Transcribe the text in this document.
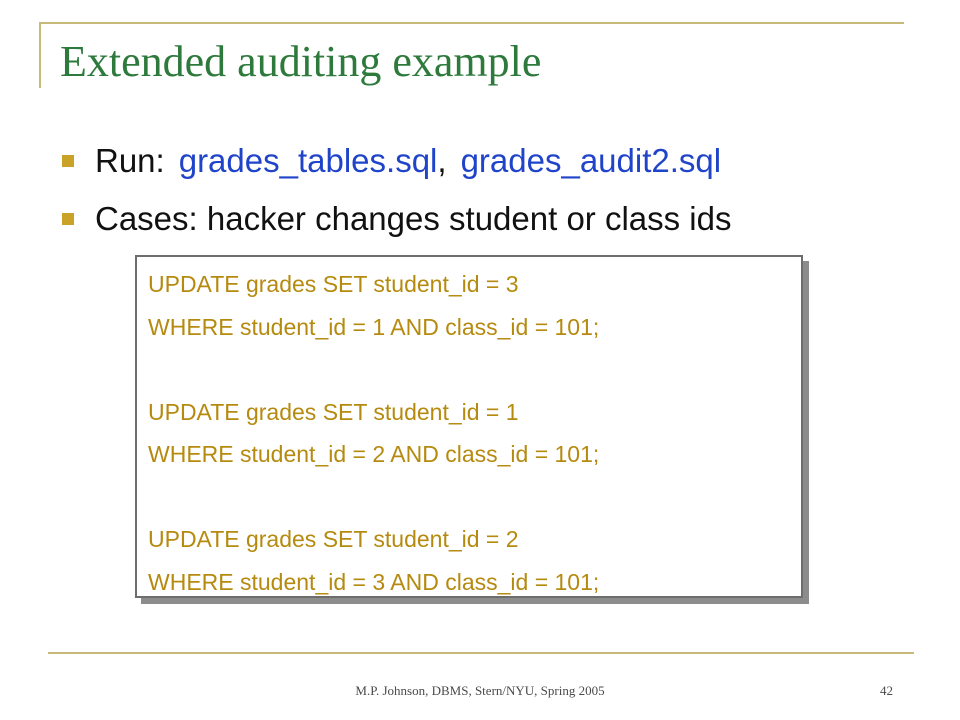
Extended auditing example
Run: grades_tables.sql , grades_audit2.sql
Cases: hacker changes student or class ids
UPDATE grades SET student_id = 3
WHERE student_id = 1 AND class_id = 101;
UPDATE grades SET student_id = 1
WHERE student_id = 2 AND class_id = 101;
UPDATE grades SET student_id = 2
WHERE student_id = 3 AND class_id = 101;
M.P. Johnson, DBMS, Stern/NYU, Spring 2005	42
